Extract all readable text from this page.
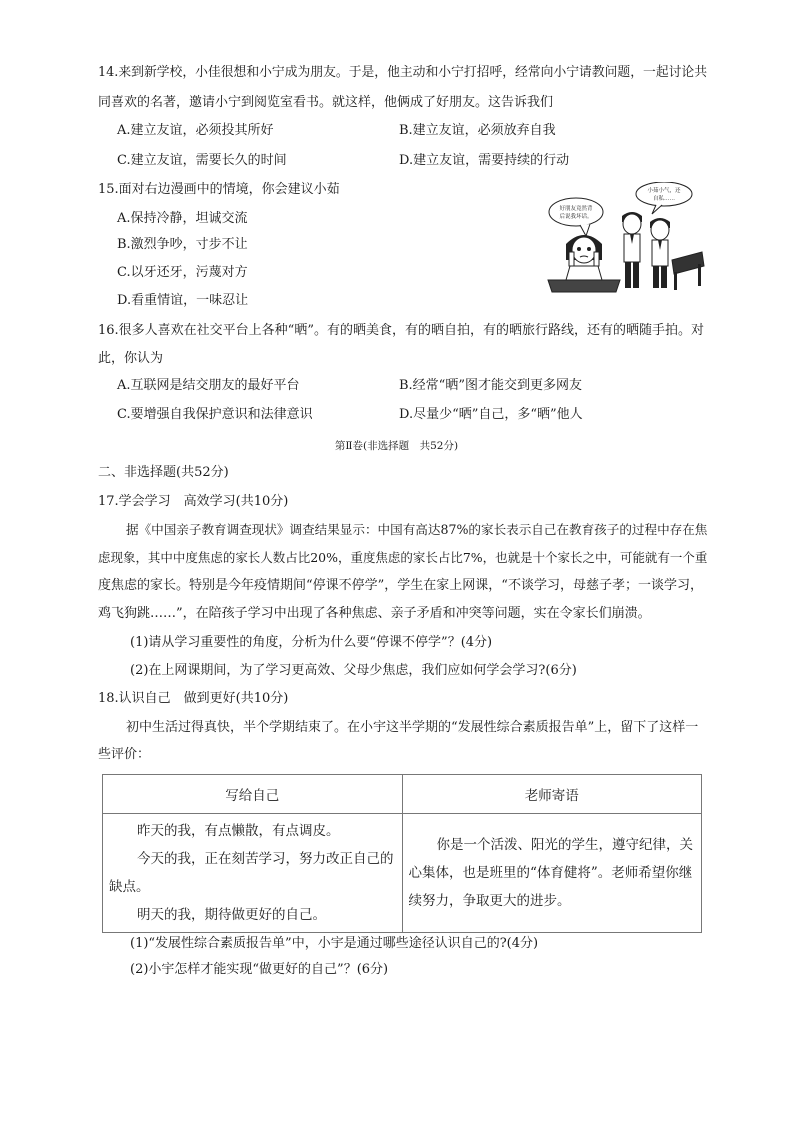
14.来到新学校，小佳很想和小宁成为朋友。于是，他主动和小宁打招呼，经常向小宁请教问题，一起讨论共
同喜欢的名著，邀请小宁到阅览室看书。就这样，他俩成了好朋友。这告诉我们
A.建立友谊，必须投其所好	B.建立友谊，必须放弃自我
C.建立友谊，需要长久的时间	D.建立友谊，需要持续的行动
15.面对右边漫画中的情境，你会建议小茹
A.保持冷静，坦诚交流
B.激烈争吵，寸步不让
C.以牙还牙，污蔑对方
D.看重情谊，一味忍让
好朋友竟然背
后说我坏话。
小茹小气，还
自私……
16.很多人喜欢在社交平台上各种“晒”。有的晒美食，有的晒自拍，有的晒旅行路线，还有的晒随手拍。对
此，你认为
A.互联网是结交朋友的最好平台	B.经常“晒”图才能交到更多网友
C.要增强自我保护意识和法律意识	D.尽量少“晒”自己，多“晒”他人
第Ⅱ卷(非选择题　共52分)
二、非选择题(共52分)
17.学会学习　高效学习(共10分)
据《中国亲子教育调查现状》调查结果显示：中国有高达87%的家长表示自己在教育孩子的过程中存在焦
虑现象，其中中度焦虑的家长人数占比20%，重度焦虑的家长占比7%，也就是十个家长之中，可能就有一个重
度焦虑的家长。特别是今年疫情期间“停课不停学”，学生在家上网课，“不谈学习，母慈子孝；一谈学习，
鸡飞狗跳……”，在陪孩子学习中出现了各种焦虑、亲子矛盾和冲突等问题，实在令家长们崩溃。
(1)请从学习重要性的角度，分析为什么要“停课不停学”？(4分)
(2)在上网课期间，为了学习更高效、父母少焦虑，我们应如何学会学习?(6分)
18.认识自己　做到更好(共10分)
初中生活过得真快，半个学期结束了。在小宇这半学期的“发展性综合素质报告单”上，留下了这样一
些评价：
写给自己	老师寄语

昨天的我，有点懒散，有点调皮。
今天的我，正在刻苦学习，努力改正自己的缺点。
明天的我，期待做更好的自己。	你是一个活泼、阳光的学生，遵守纪律，关心集体，也是班里的“体育健将”。老师希望你继续努力，争取更大的进步。
(1)“发展性综合素质报告单”中，小宇是通过哪些途径认识自己的?(4分)
(2)小宇怎样才能实现“做更好的自己”？(6分)
